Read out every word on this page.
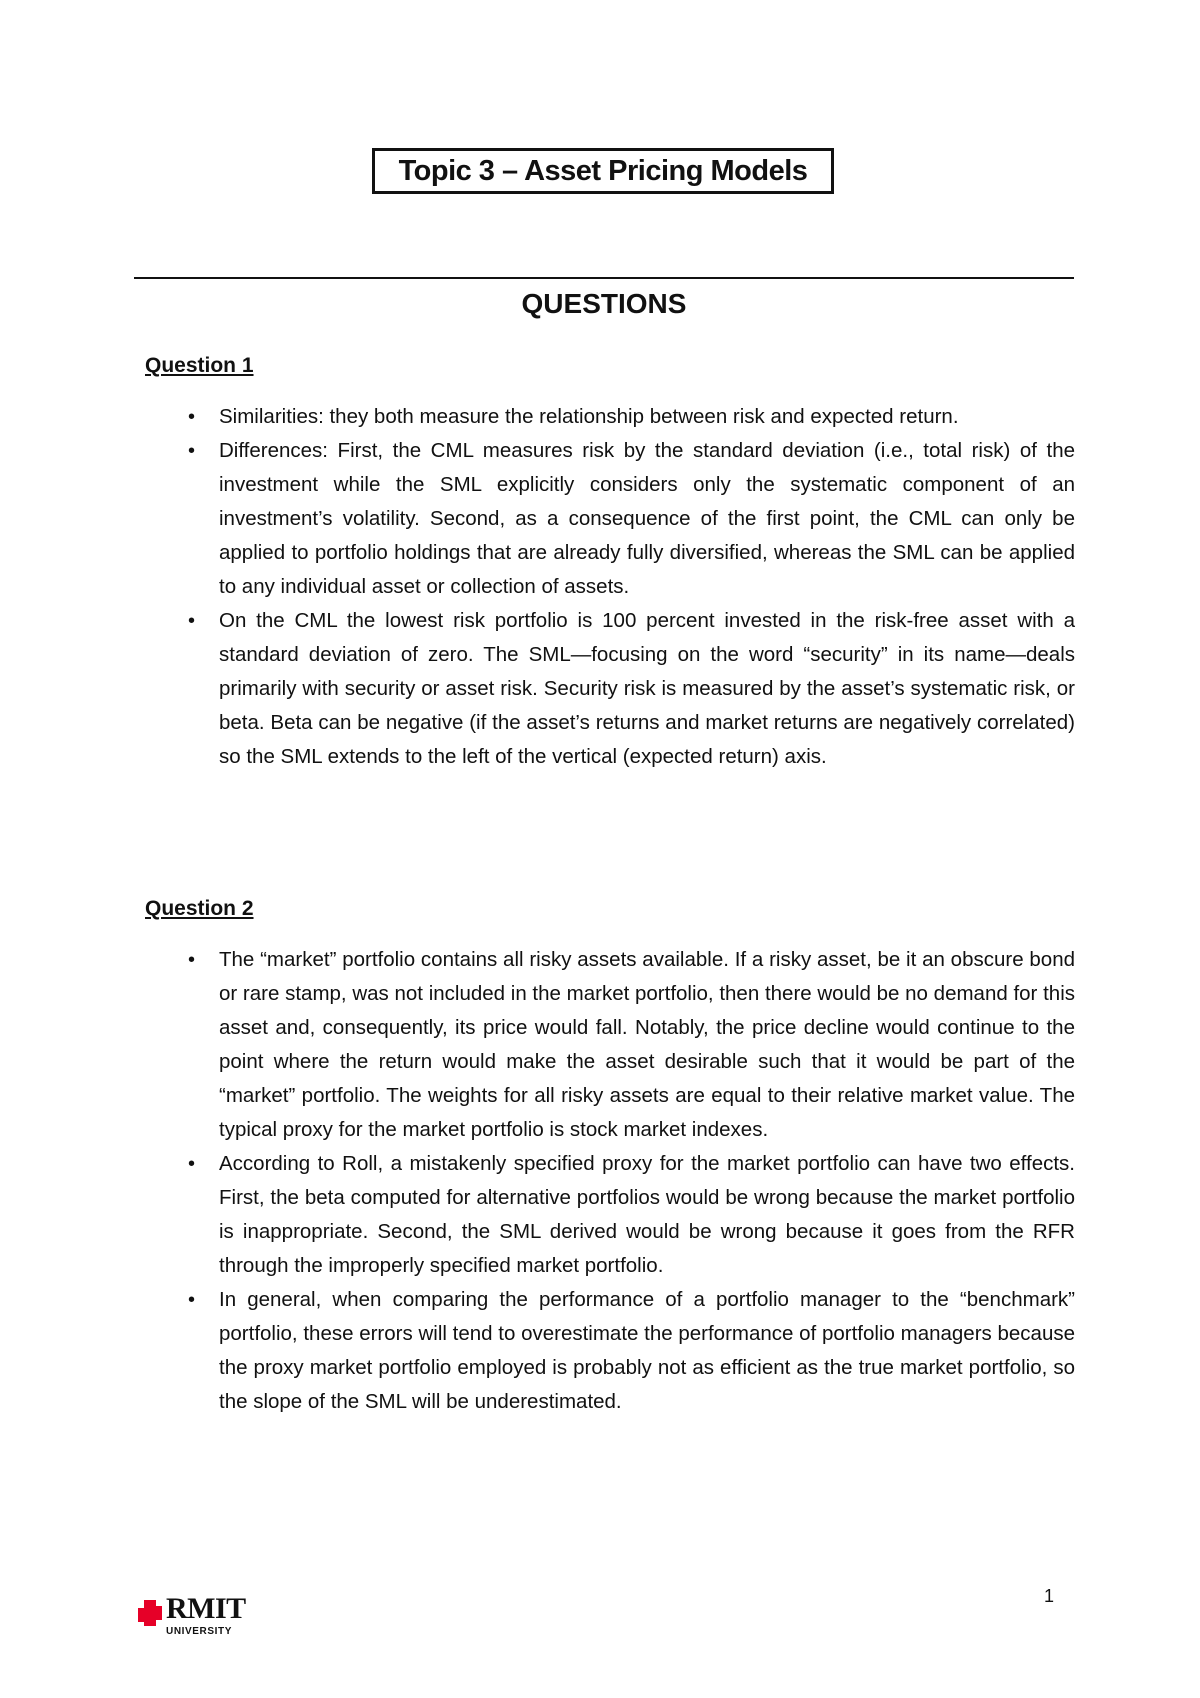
Topic 3 – Asset Pricing Models
QUESTIONS

Question 1

• Similarities: they both measure the relationship between risk and expected return.
• Differences: First, the CML measures risk by the standard deviation (i.e., total risk) of the investment while the SML explicitly considers only the systematic component of an investment’s volatility. Second, as a consequence of the first point, the CML can only be applied to portfolio holdings that are already fully diversified, whereas the SML can be applied to any individual asset or collection of assets.
• On the CML the lowest risk portfolio is 100 percent invested in the risk-free asset with a standard deviation of zero. The SML—focusing on the word “security” in its name—deals primarily with security or asset risk. Security risk is measured by the asset’s systematic risk, or beta. Beta can be negative (if the asset’s returns and market returns are negatively correlated) so the SML extends to the left of the vertical (expected return) axis.

Question 2

• The “market” portfolio contains all risky assets available. If a risky asset, be it an obscure bond or rare stamp, was not included in the market portfolio, then there would be no demand for this asset and, consequently, its price would fall. Notably, the price decline would continue to the point where the return would make the asset desirable such that it would be part of the “market” portfolio. The weights for all risky assets are equal to their relative market value. The typical proxy for the market portfolio is stock market indexes.
• According to Roll, a mistakenly specified proxy for the market portfolio can have two effects. First, the beta computed for alternative portfolios would be wrong because the market portfolio is inappropriate. Second, the SML derived would be wrong because it goes from the RFR through the improperly specified market portfolio.
• In general, when comparing the performance of a portfolio manager to the “benchmark” portfolio, these errors will tend to overestimate the performance of portfolio managers because the proxy market portfolio employed is probably not as efficient as the true market portfolio, so the slope of the SML will be underestimated.
1
RMIT
UNIVERSITY
